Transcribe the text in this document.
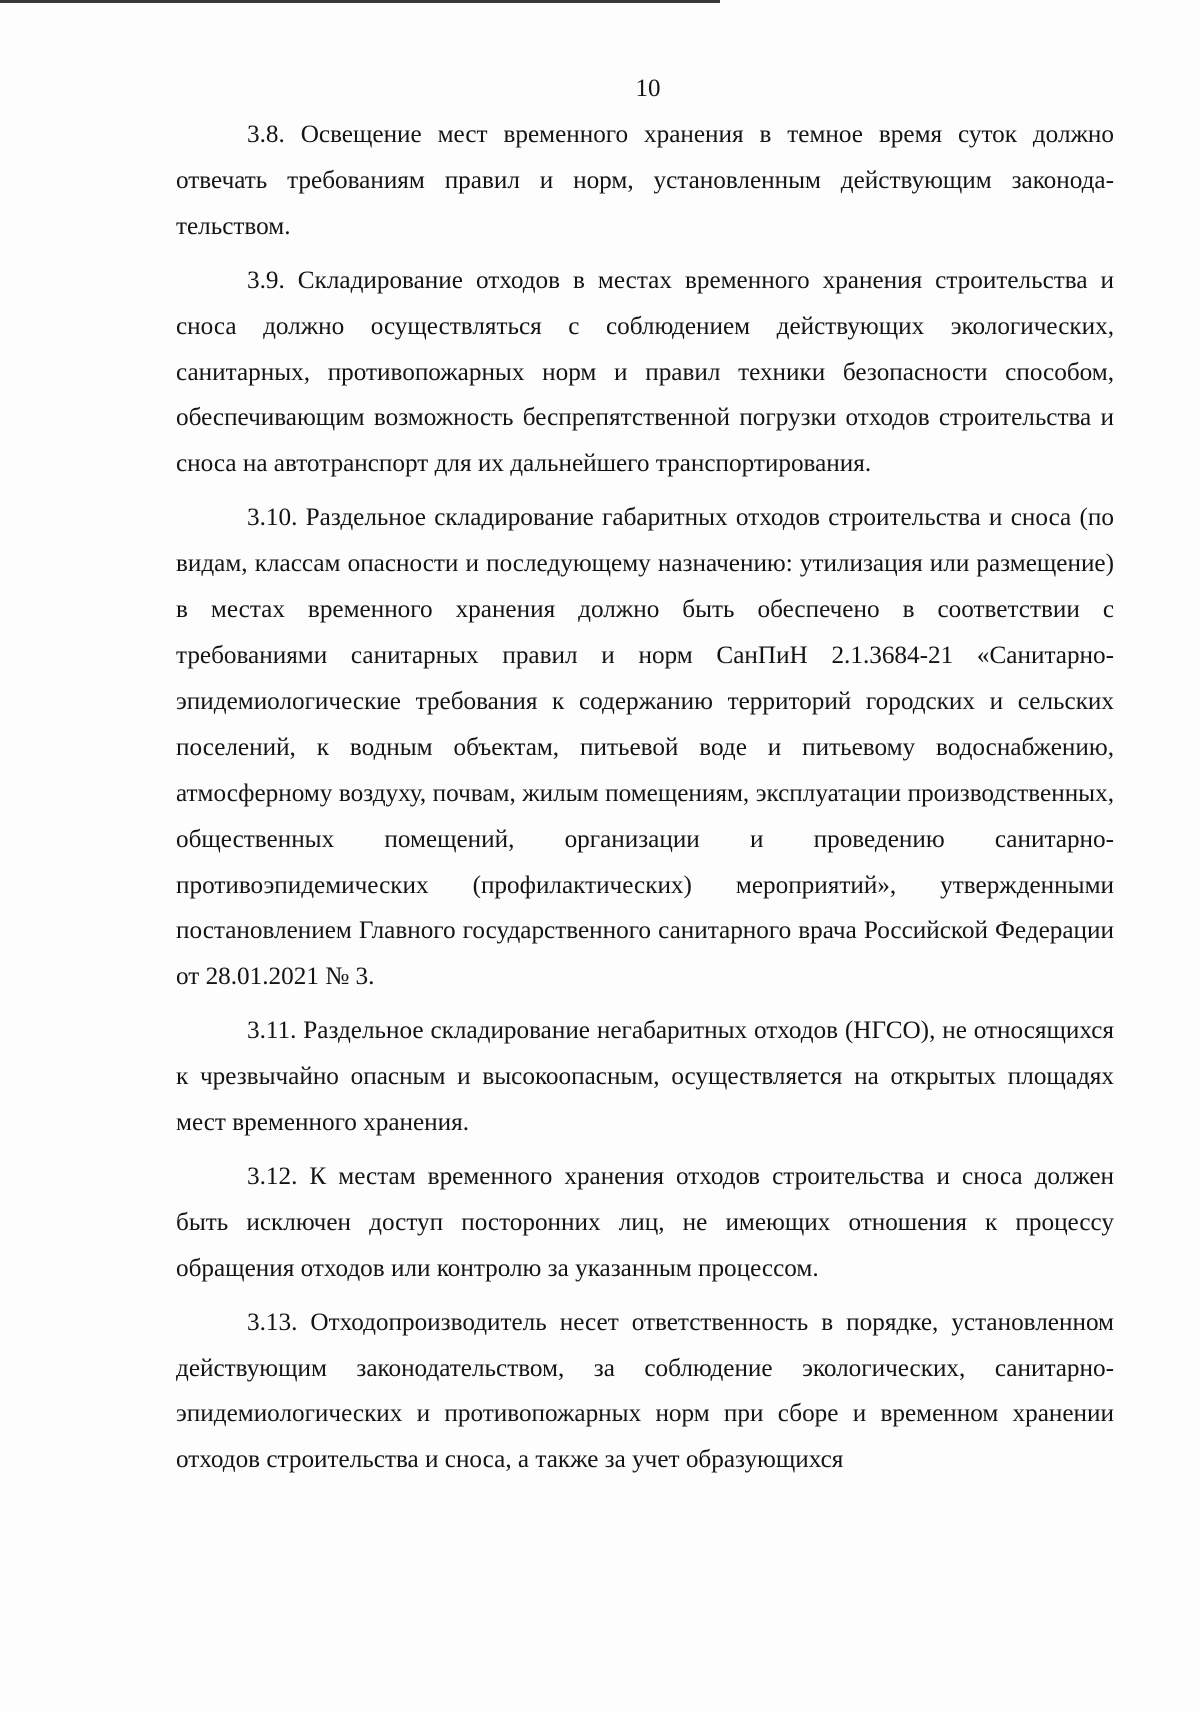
10

3.8. Освещение мест временного хранения в темное время суток должно отвечать требованиям правил и норм, установленным действующим законодательством.

3.9. Складирование отходов в местах временного хранения строительства и сноса должно осуществляться с соблюдением действующих экологических, санитарных, противопожарных норм и правил техники безопасности способом, обеспечивающим возможность беспрепятственной погрузки отходов строительства и сноса на автотранспорт для их дальнейшего транспортирования.

3.10. Раздельное складирование габаритных отходов строительства и сноса (по видам, классам опасности и последующему назначению: утилизация или размещение) в местах временного хранения должно быть обеспечено в соответствии с требованиями санитарных правил и норм СанПиН 2.1.3684-21 «Санитарно-эпидемиологические требования к содержанию территорий городских и сельских поселений, к водным объектам, питьевой воде и питьевому водоснабжению, атмосферному воздуху, почвам, жилым помещениям, эксплуатации производственных, общественных помещений, организации и проведению санитарно-противоэпидемических (профилактических) мероприятий», утвержденными постановлением Главного государственного санитарного врача Российской Федерации от 28.01.2021 № 3.

3.11. Раздельное складирование негабаритных отходов (НГСО), не относящихся к чрезвычайно опасным и высокоопасным, осуществляется на открытых площадях мест временного хранения.

3.12. К местам временного хранения отходов строительства и сноса должен быть исключен доступ посторонних лиц, не имеющих отношения к процессу обращения отходов или контролю за указанным процессом.

3.13. Отходопроизводитель несет ответственность в порядке, установленном действующим законодательством, за соблюдение экологических, санитарно-эпидемиологических и противопожарных норм при сборе и временном хранении отходов строительства и сноса, а также за учет образующихся
